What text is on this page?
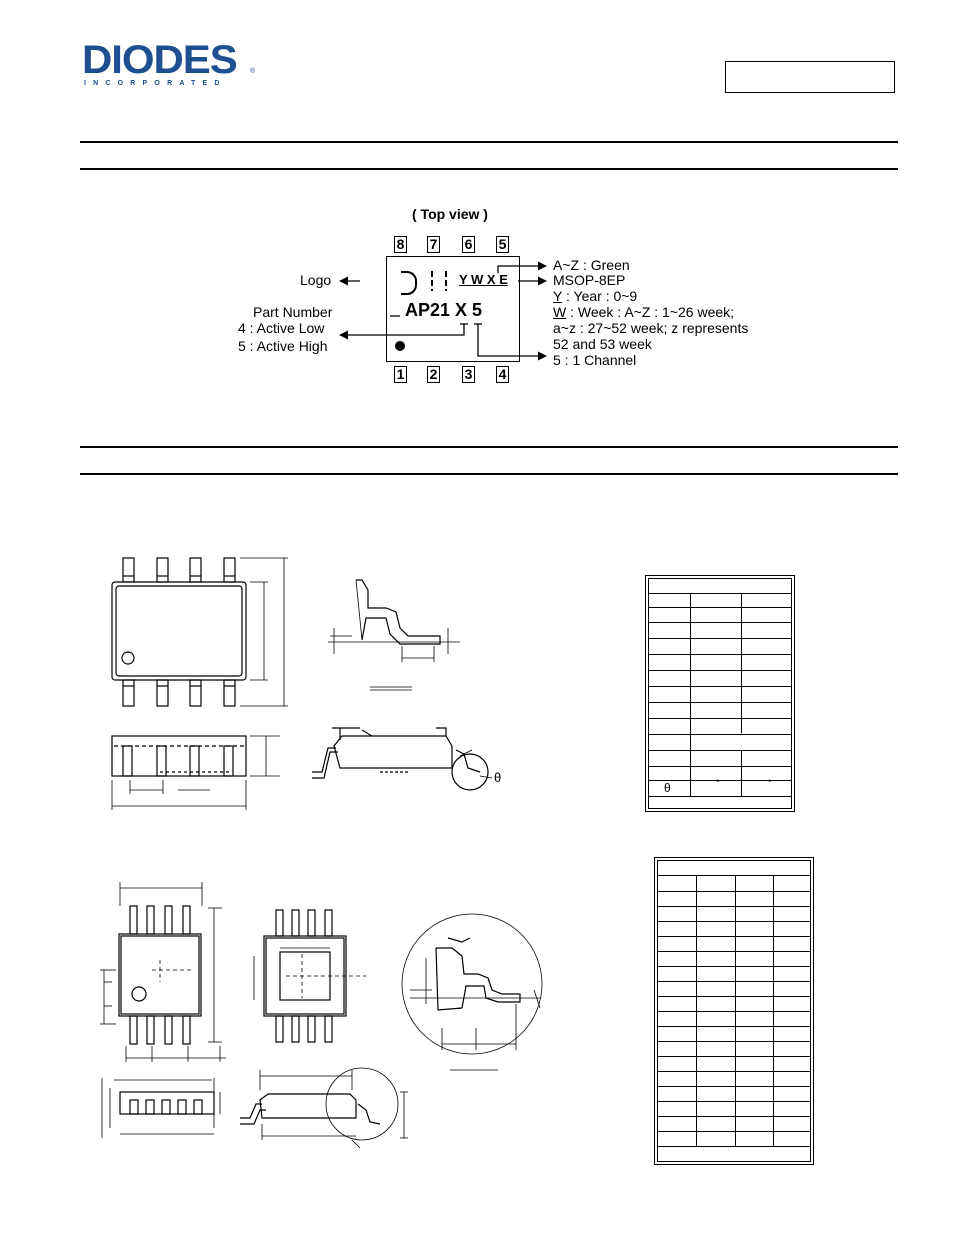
DIODES
INCORPORATED
®
( Top view )
8 7 6 5
Y W X E
AP21 X 5
1 2 3 4
Logo
Part Number
4 : Active Low
5 : Active High
A~Z : Green
MSOP-8EP
Y : Year : 0~9
W : Week : A~Z : 1~26 week;
a~z : 27~52 week; z represents
52 and 53 week
5 : 1 Channel
θ
θ	°	°
